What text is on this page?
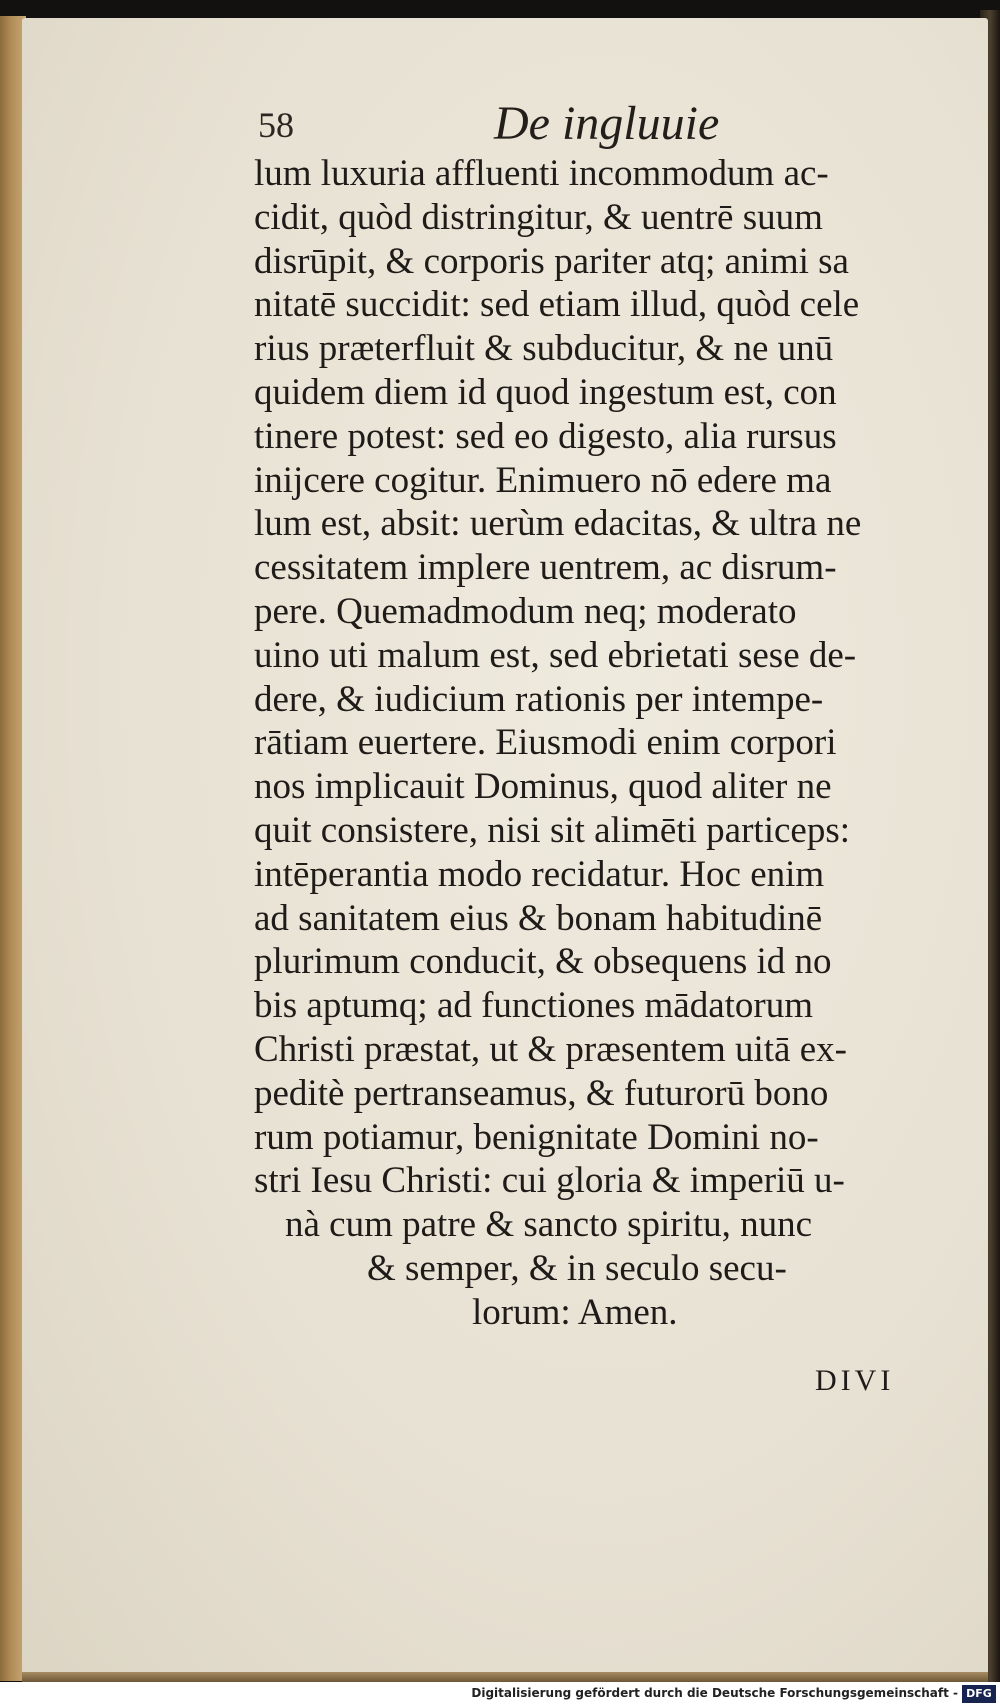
58	De ingluuie
lum luxuria affluenti incommodum ac-
cidit, quòd distringitur, & uentrē suum
disrūpit, & corporis pariter atq; animi sa
nitatē succidit: sed etiam illud, quòd cele
rius præterfluit & subducitur, & ne unū
quidem diem id quod ingestum est, con
tinere potest: sed eo digesto, alia rursus
inijcere cogitur. Enimuero nō edere ma
lum est, absit: uerùm edacitas, & ultra ne
cessitatem implere uentrem, ac disrum-
pere. Quemadmodum neq; moderato
uino uti malum est, sed ebrietati sese de-
dere, & iudicium rationis per intempe-
rātiam euertere. Eiusmodi enim corpori
nos implicauit Dominus, quod aliter ne
quit consistere, nisi sit alimēti particeps:
intēperantia modo recidatur. Hoc enim
ad sanitatem eius & bonam habitudinē
plurimum conducit, & obsequens id no
bis aptumq; ad functiones mādatorum
Christi præstat, ut & præsentem uitā ex-
peditè pertranseamus, & futurorū bono
rum potiamur, benignitate Domini no-
stri Iesu Christi: cui gloria & imperiū u-
nà cum patre & sancto spiritu, nunc
& semper, & in seculo secu-
lorum: Amen.
DIVI
Digitalisierung gefördert durch die Deutsche Forschungsgemeinschaft - DFG
